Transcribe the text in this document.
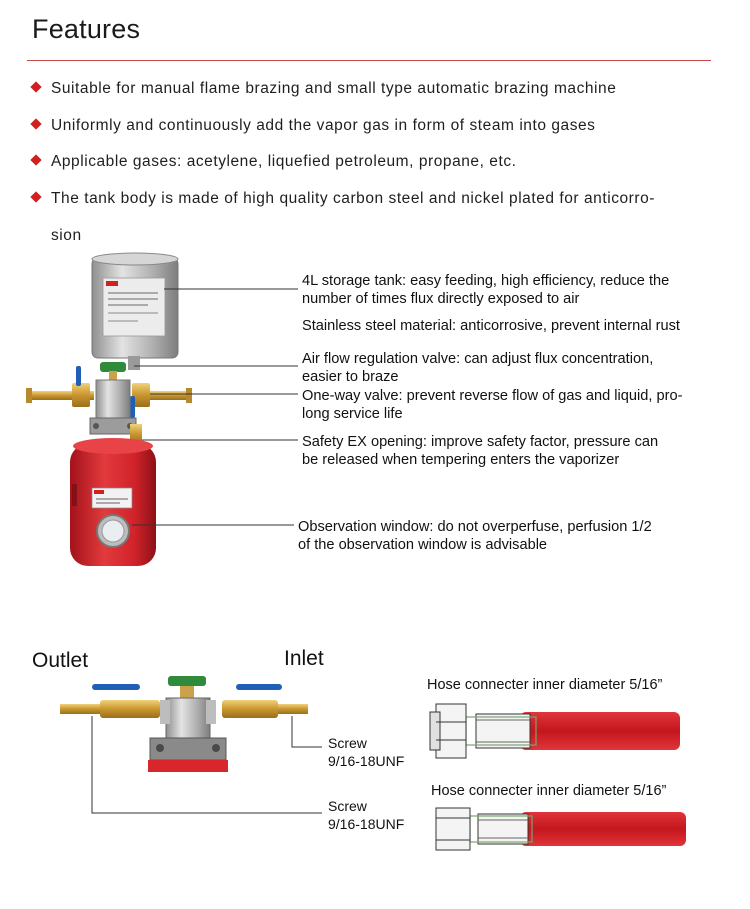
Features
Suitable for manual flame brazing and small type automatic brazing machine
Uniformly and continuously add the vapor gas in form of steam into gases
Applicable gases: acetylene, liquefied petroleum, propane, etc.
The tank body is made of high quality carbon steel and nickel plated for anticorro-
sion
4L storage tank: easy feeding, high efficiency, reduce the
number of times flux directly exposed to air
Stainless steel material: anticorrosive, prevent internal rust
Air flow regulation valve: can adjust flux concentration,
easier to braze
One-way valve: prevent reverse flow of gas and liquid, pro-
long service life
Safety EX opening: improve safety factor, pressure can
be released when tempering enters the vaporizer
Observation window: do not overperfuse, perfusion 1/2
of the observation window is advisable
Outlet	Inlet
Screw
9/16-18UNF
Screw
9/16-18UNF
Hose connecter inner diameter 5/16”
Hose connecter inner diameter 5/16”
